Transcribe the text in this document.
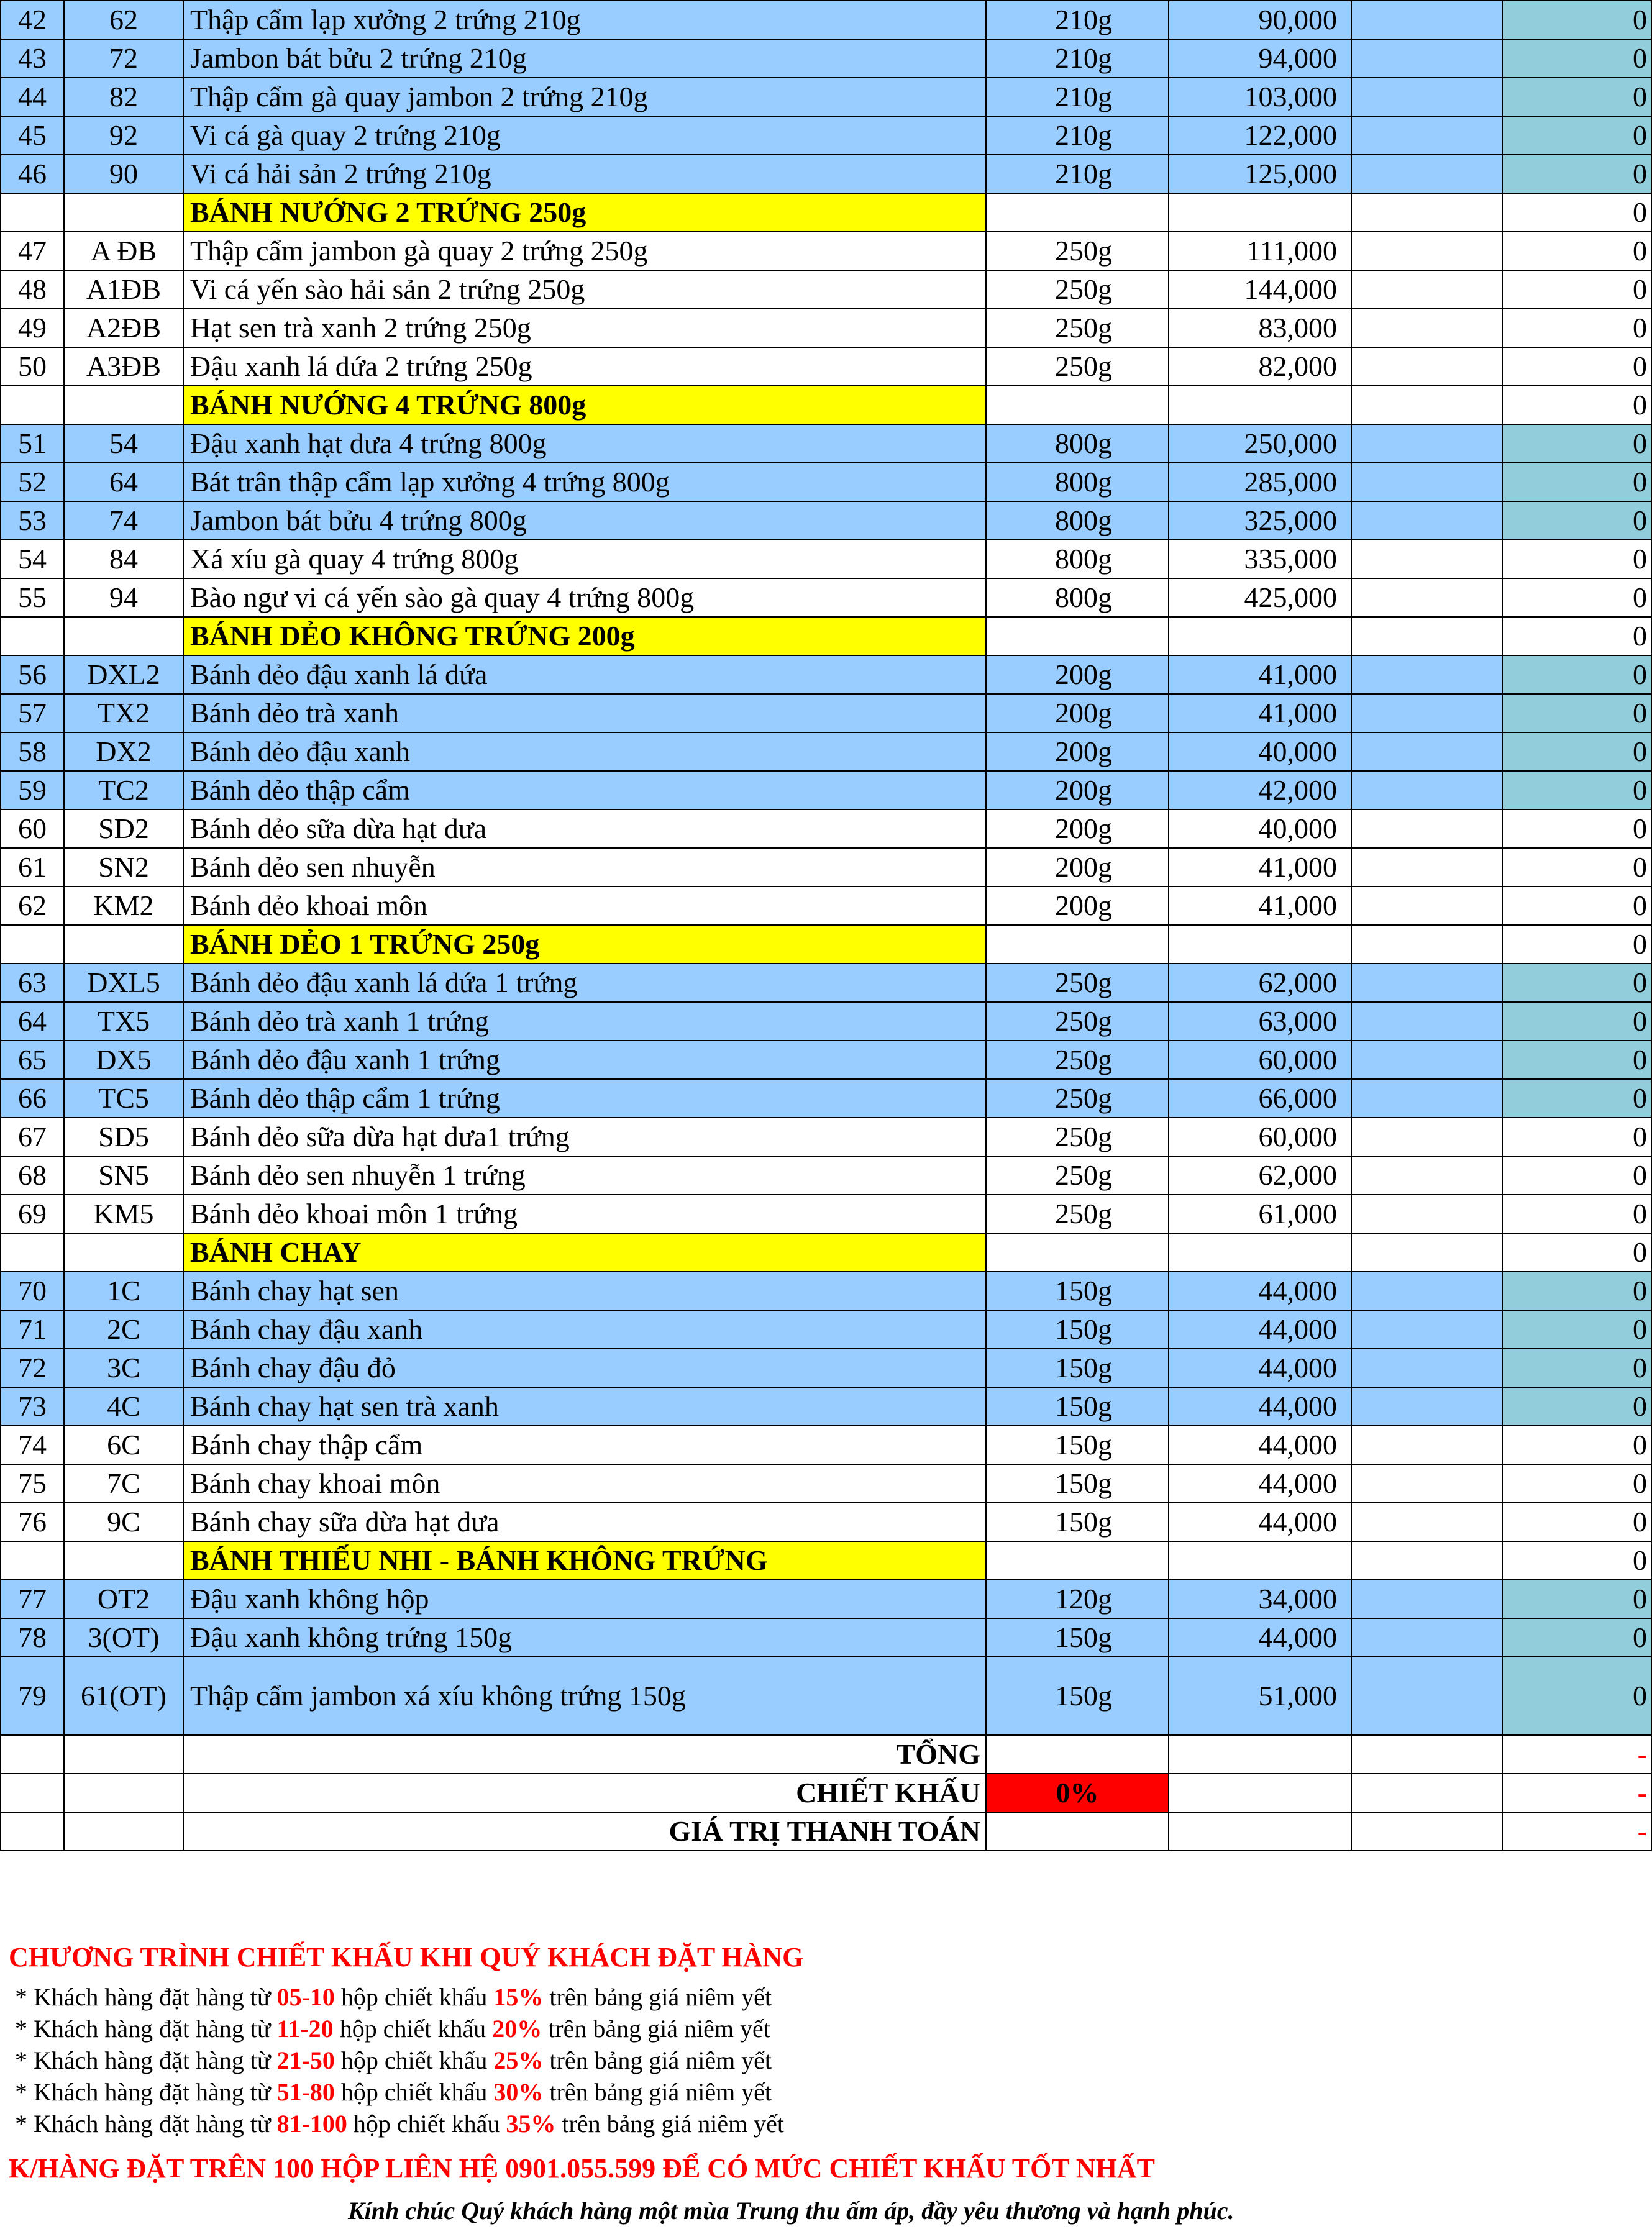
42	62	Thập cẩm lạp xưởng 2 trứng 210g	210g	90,000		0
43	72	Jambon bát bửu 2 trứng 210g	210g	94,000		0
44	82	Thập cẩm gà quay jambon 2 trứng 210g	210g	103,000		0
45	92	Vi cá gà quay 2 trứng 210g	210g	122,000		0
46	90	Vi cá hải sản 2 trứng 210g	210g	125,000		0
		BÁNH NƯỚNG 2 TRỨNG 250g				0
47	A ĐB	Thập cẩm jambon gà quay 2 trứng 250g	250g	111,000		0
48	A1ĐB	Vi cá yến sào hải sản 2 trứng 250g	250g	144,000		0
49	A2ĐB	Hạt sen trà xanh 2 trứng 250g	250g	83,000		0
50	A3ĐB	Đậu xanh lá dứa 2 trứng 250g	250g	82,000		0
		BÁNH NƯỚNG 4 TRỨNG 800g				0
51	54	Đậu xanh hạt dưa 4 trứng 800g	800g	250,000		0
52	64	Bát trân thập cẩm lạp xưởng 4 trứng 800g	800g	285,000		0
53	74	Jambon bát bửu 4 trứng 800g	800g	325,000		0
54	84	Xá xíu gà quay 4 trứng 800g	800g	335,000		0
55	94	Bào ngư vi cá yến sào gà quay 4 trứng 800g	800g	425,000		0
		BÁNH DẺO KHÔNG TRỨNG 200g				0
56	DXL2	Bánh dẻo đậu xanh lá dứa	200g	41,000		0
57	TX2	Bánh dẻo trà xanh	200g	41,000		0
58	DX2	Bánh dẻo đậu xanh	200g	40,000		0
59	TC2	Bánh dẻo thập cẩm	200g	42,000		0
60	SD2	Bánh dẻo sữa dừa hạt dưa	200g	40,000		0
61	SN2	Bánh dẻo sen nhuyễn	200g	41,000		0
62	KM2	Bánh dẻo khoai môn	200g	41,000		0
		BÁNH DẺO 1 TRỨNG 250g				0
63	DXL5	Bánh dẻo đậu xanh lá dứa 1 trứng	250g	62,000		0
64	TX5	Bánh dẻo trà xanh 1 trứng	250g	63,000		0
65	DX5	Bánh dẻo đậu xanh 1 trứng	250g	60,000		0
66	TC5	Bánh dẻo thập cẩm 1 trứng	250g	66,000		0
67	SD5	Bánh dẻo sữa dừa hạt dưa1 trứng	250g	60,000		0
68	SN5	Bánh dẻo sen nhuyễn 1 trứng	250g	62,000		0
69	KM5	Bánh dẻo khoai môn 1 trứng	250g	61,000		0
		BÁNH CHAY				0
70	1C	Bánh chay hạt sen	150g	44,000		0
71	2C	Bánh chay đậu xanh	150g	44,000		0
72	3C	Bánh chay đậu đỏ	150g	44,000		0
73	4C	Bánh chay hạt sen trà xanh	150g	44,000		0
74	6C	Bánh chay thập cẩm	150g	44,000		0
75	7C	Bánh chay khoai môn	150g	44,000		0
76	9C	Bánh chay sữa dừa hạt dưa	150g	44,000		0
		BÁNH THIẾU NHI - BÁNH KHÔNG TRỨNG				0
77	OT2	Đậu xanh không hộp	120g	34,000		0
78	3(OT)	Đậu xanh không trứng 150g	150g	44,000		0
79	61(OT)	Thập cẩm jambon xá xíu không trứng 150g	150g	51,000		0
		TỔNG				-
		CHIẾT KHẤU	0%			-
		GIÁ TRỊ THANH TOÁN				-
CHƯƠNG TRÌNH CHIẾT KHẤU KHI QUÝ KHÁCH ĐẶT HÀNG
* Khách hàng đặt hàng từ 05-10 hộp chiết khấu 15% trên bảng giá niêm yết
* Khách hàng đặt hàng từ 11-20 hộp chiết khấu 20% trên bảng giá niêm yết
* Khách hàng đặt hàng từ 21-50 hộp chiết khấu 25% trên bảng giá niêm yết
* Khách hàng đặt hàng từ 51-80 hộp chiết khấu 30% trên bảng giá niêm yết
* Khách hàng đặt hàng từ 81-100 hộp chiết khấu 35% trên bảng giá niêm yết
K/HÀNG ĐẶT TRÊN 100 HỘP LIÊN HỆ 0901.055.599 ĐỂ CÓ MỨC CHIẾT KHẤU TỐT NHẤT
Kính chúc Quý khách hàng một mùa Trung thu ấm áp, đầy yêu thương và hạnh phúc.
